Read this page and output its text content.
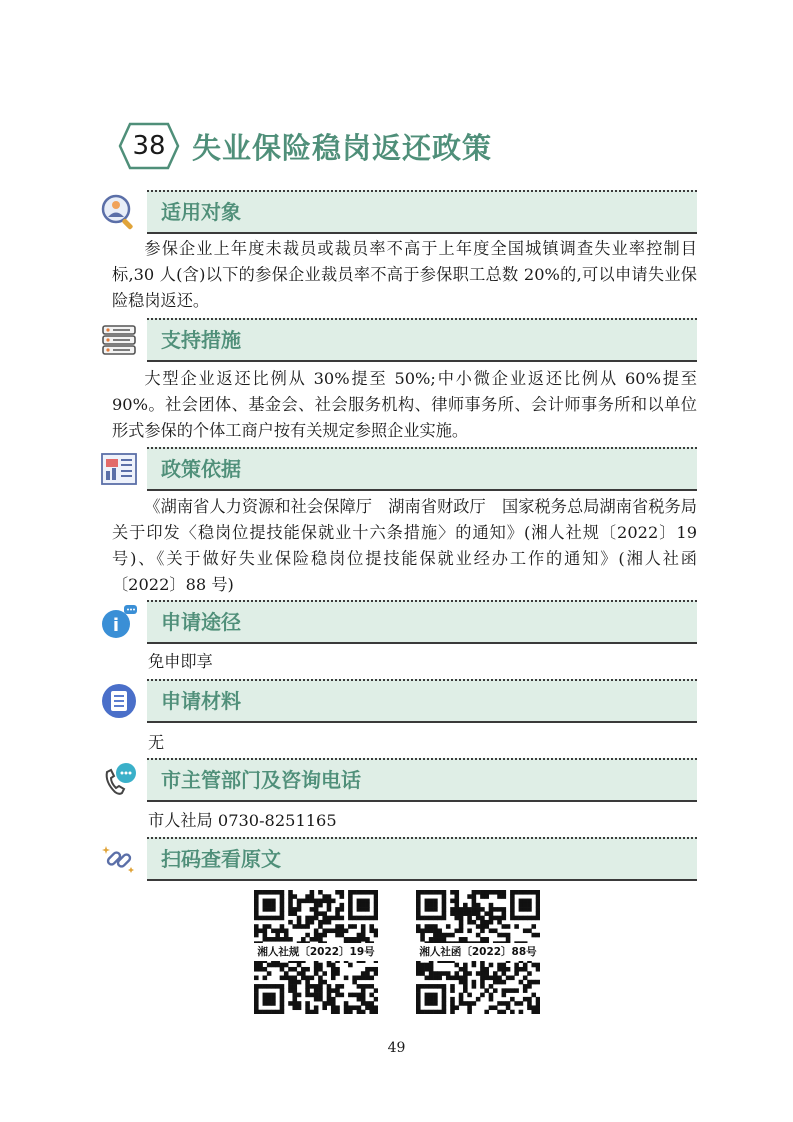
38 失业保险稳岗返还政策
适用对象
参保企业上年度未裁员或裁员率不高于上年度全国城镇调查失业率控制目标,30 人(含)以下的参保企业裁员率不高于参保职工总数 20%的,可以申请失业保险稳岗返还。
支持措施
大型企业返还比例从 30%提至 50%;中小微企业返还比例从 60%提至 90%。社会团体、基金会、社会服务机构、律师事务所、会计师事务所和以单位形式参保的个体工商户按有关规定参照企业实施。
政策依据
《湖南省人力资源和社会保障厅　湖南省财政厅　国家税务总局湖南省税务局关于印发〈稳岗位提技能保就业十六条措施〉的通知》(湘人社规〔2022〕19 号)、《关于做好失业保险稳岗位提技能保就业经办工作的通知》(湘人社函〔2022〕88 号)
i 申请途径
免申即享
申请材料
无
市主管部门及咨询电话
市人社局 0730-8251165
扫码查看原文
湘人社规〔2022〕19号	湘人社函〔2022〕88号
49
